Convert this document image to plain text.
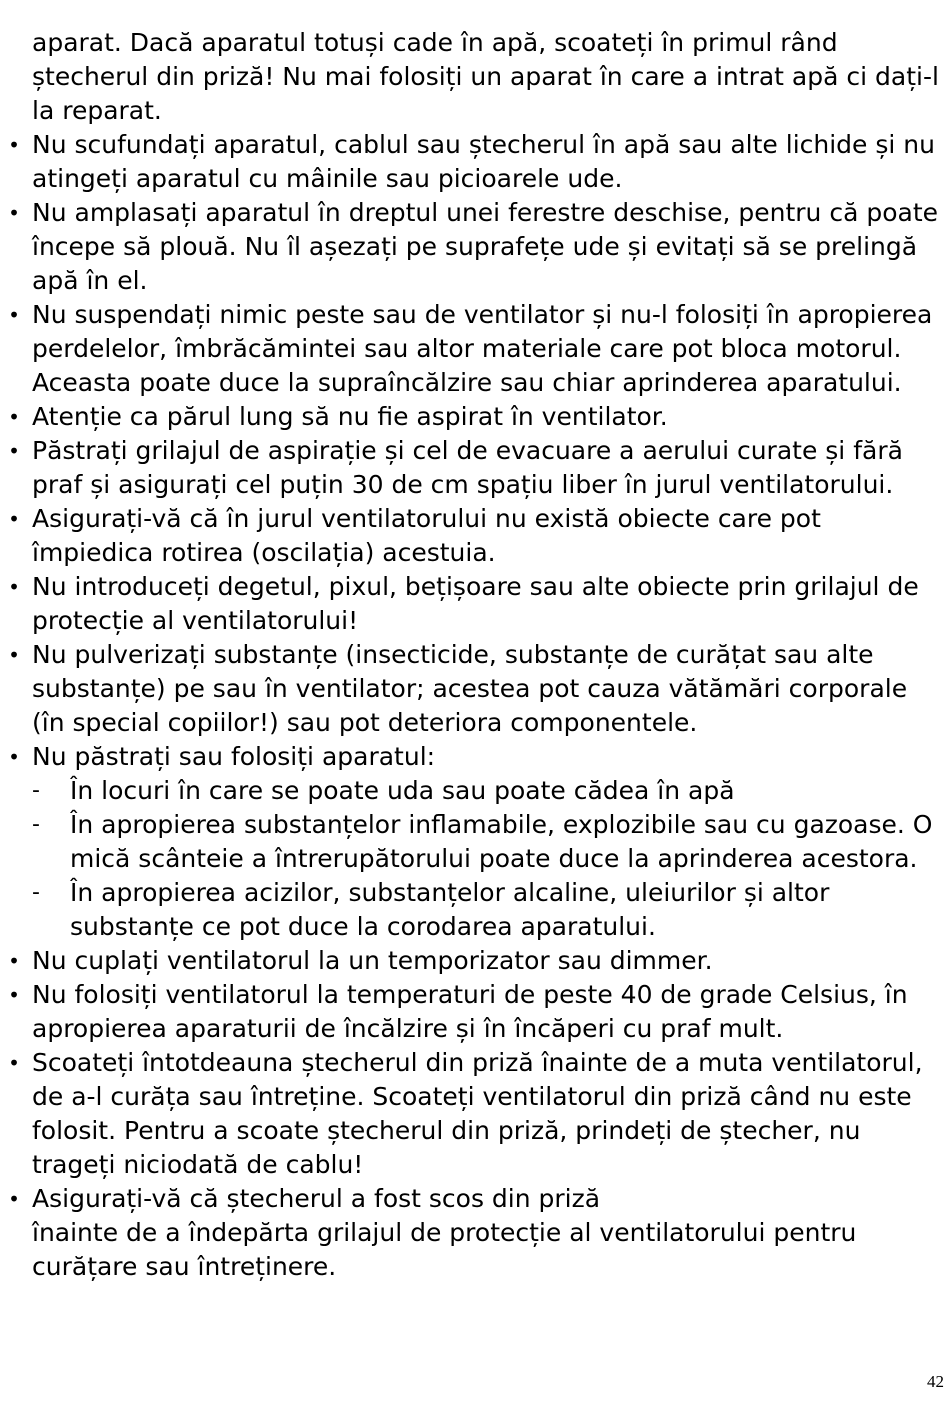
aparat. Dacă aparatul totuși cade în apă, scoateți în primul rând ștecherul din priză! Nu mai folosiți un aparat în care a intrat apă ci dați-l la reparat.

• Nu scufundați aparatul, cablul sau ștecherul în apă sau alte lichide și nu atingeți aparatul cu mâinile sau picioarele ude.
• Nu amplasați aparatul în dreptul unei ferestre deschise, pentru că poate începe să plouă. Nu îl așezați pe suprafețe ude și evitați să se prelingă apă în el.
• Nu suspendați nimic peste sau de ventilator și nu-l folosiți în apropierea perdelelor, îmbrăcămintei sau altor materiale care pot bloca motorul. Aceasta poate duce la supraîncălzire sau chiar aprinderea aparatului.
• Atenție ca părul lung să nu fie aspirat în ventilator.
• Păstrați grilajul de aspirație și cel de evacuare a aerului curate și fără praf și asigurați cel puțin 30 de cm spațiu liber în jurul ventilatorului.
• Asigurați-vă că în jurul ventilatorului nu există obiecte care pot împiedica rotirea (oscilația) acestuia.
• Nu introduceți degetul, pixul, bețișoare sau alte obiecte prin grilajul de protecție al ventilatorului!
• Nu pulverizați substanțe (insecticide, substanțe de curățat sau alte substanțe) pe sau în ventilator; acestea pot cauza vătămări corporale (în special copiilor!) sau pot deteriora componentele.
• Nu păstrați sau folosiți aparatul:
- În locuri în care se poate uda sau poate cădea în apă
- În apropierea substanțelor inflamabile, explozibile sau cu gazoase. O mică scânteie a întrerupătorului poate duce la aprinderea acestora.
- În apropierea acizilor, substanțelor alcaline, uleiurilor și altor substanțe ce pot duce la corodarea aparatului.
• Nu cuplați ventilatorul la un temporizator sau dimmer.
• Nu folosiți ventilatorul la temperaturi de peste 40 de grade Celsius, în apropierea aparaturii de încălzire și în încăperi cu praf mult.
• Scoateți întotdeauna ștecherul din priză înainte de a muta ventilatorul, de a-l curăța sau întreține. Scoateți ventilatorul din priză când nu este folosit. Pentru a scoate ștecherul din priză, prindeți de ștecher, nu trageți niciodată de cablu!
• Asigurați-vă că ștecherul a fost scos din priză
înainte de a îndepărta grilajul de protecție al ventilatorului pentru curățare sau întreținere.
42
